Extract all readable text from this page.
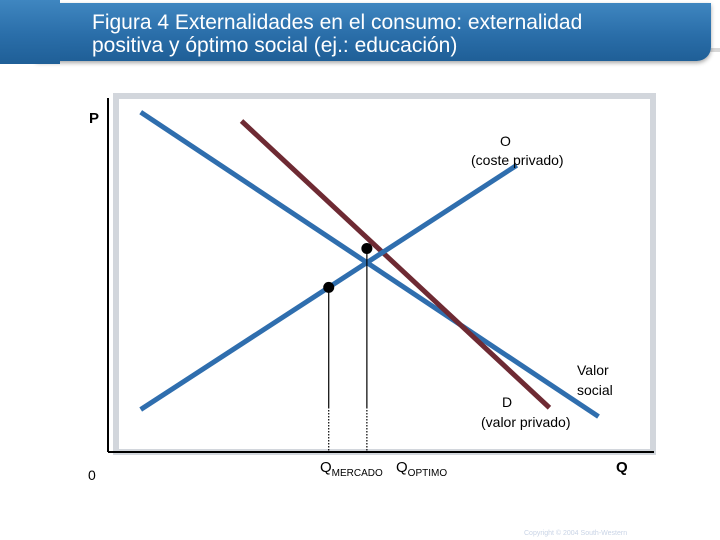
Figura 4 Externalidades en el consumo: externalidad
positiva y óptimo social (ej.: educación)
P
Q
0
O
(coste privado)
D
(valor privado)
Valor
social
$Q_{MERCADO}$ $Q_{OPTIMO}$
Copyright © 2004 South-Western
